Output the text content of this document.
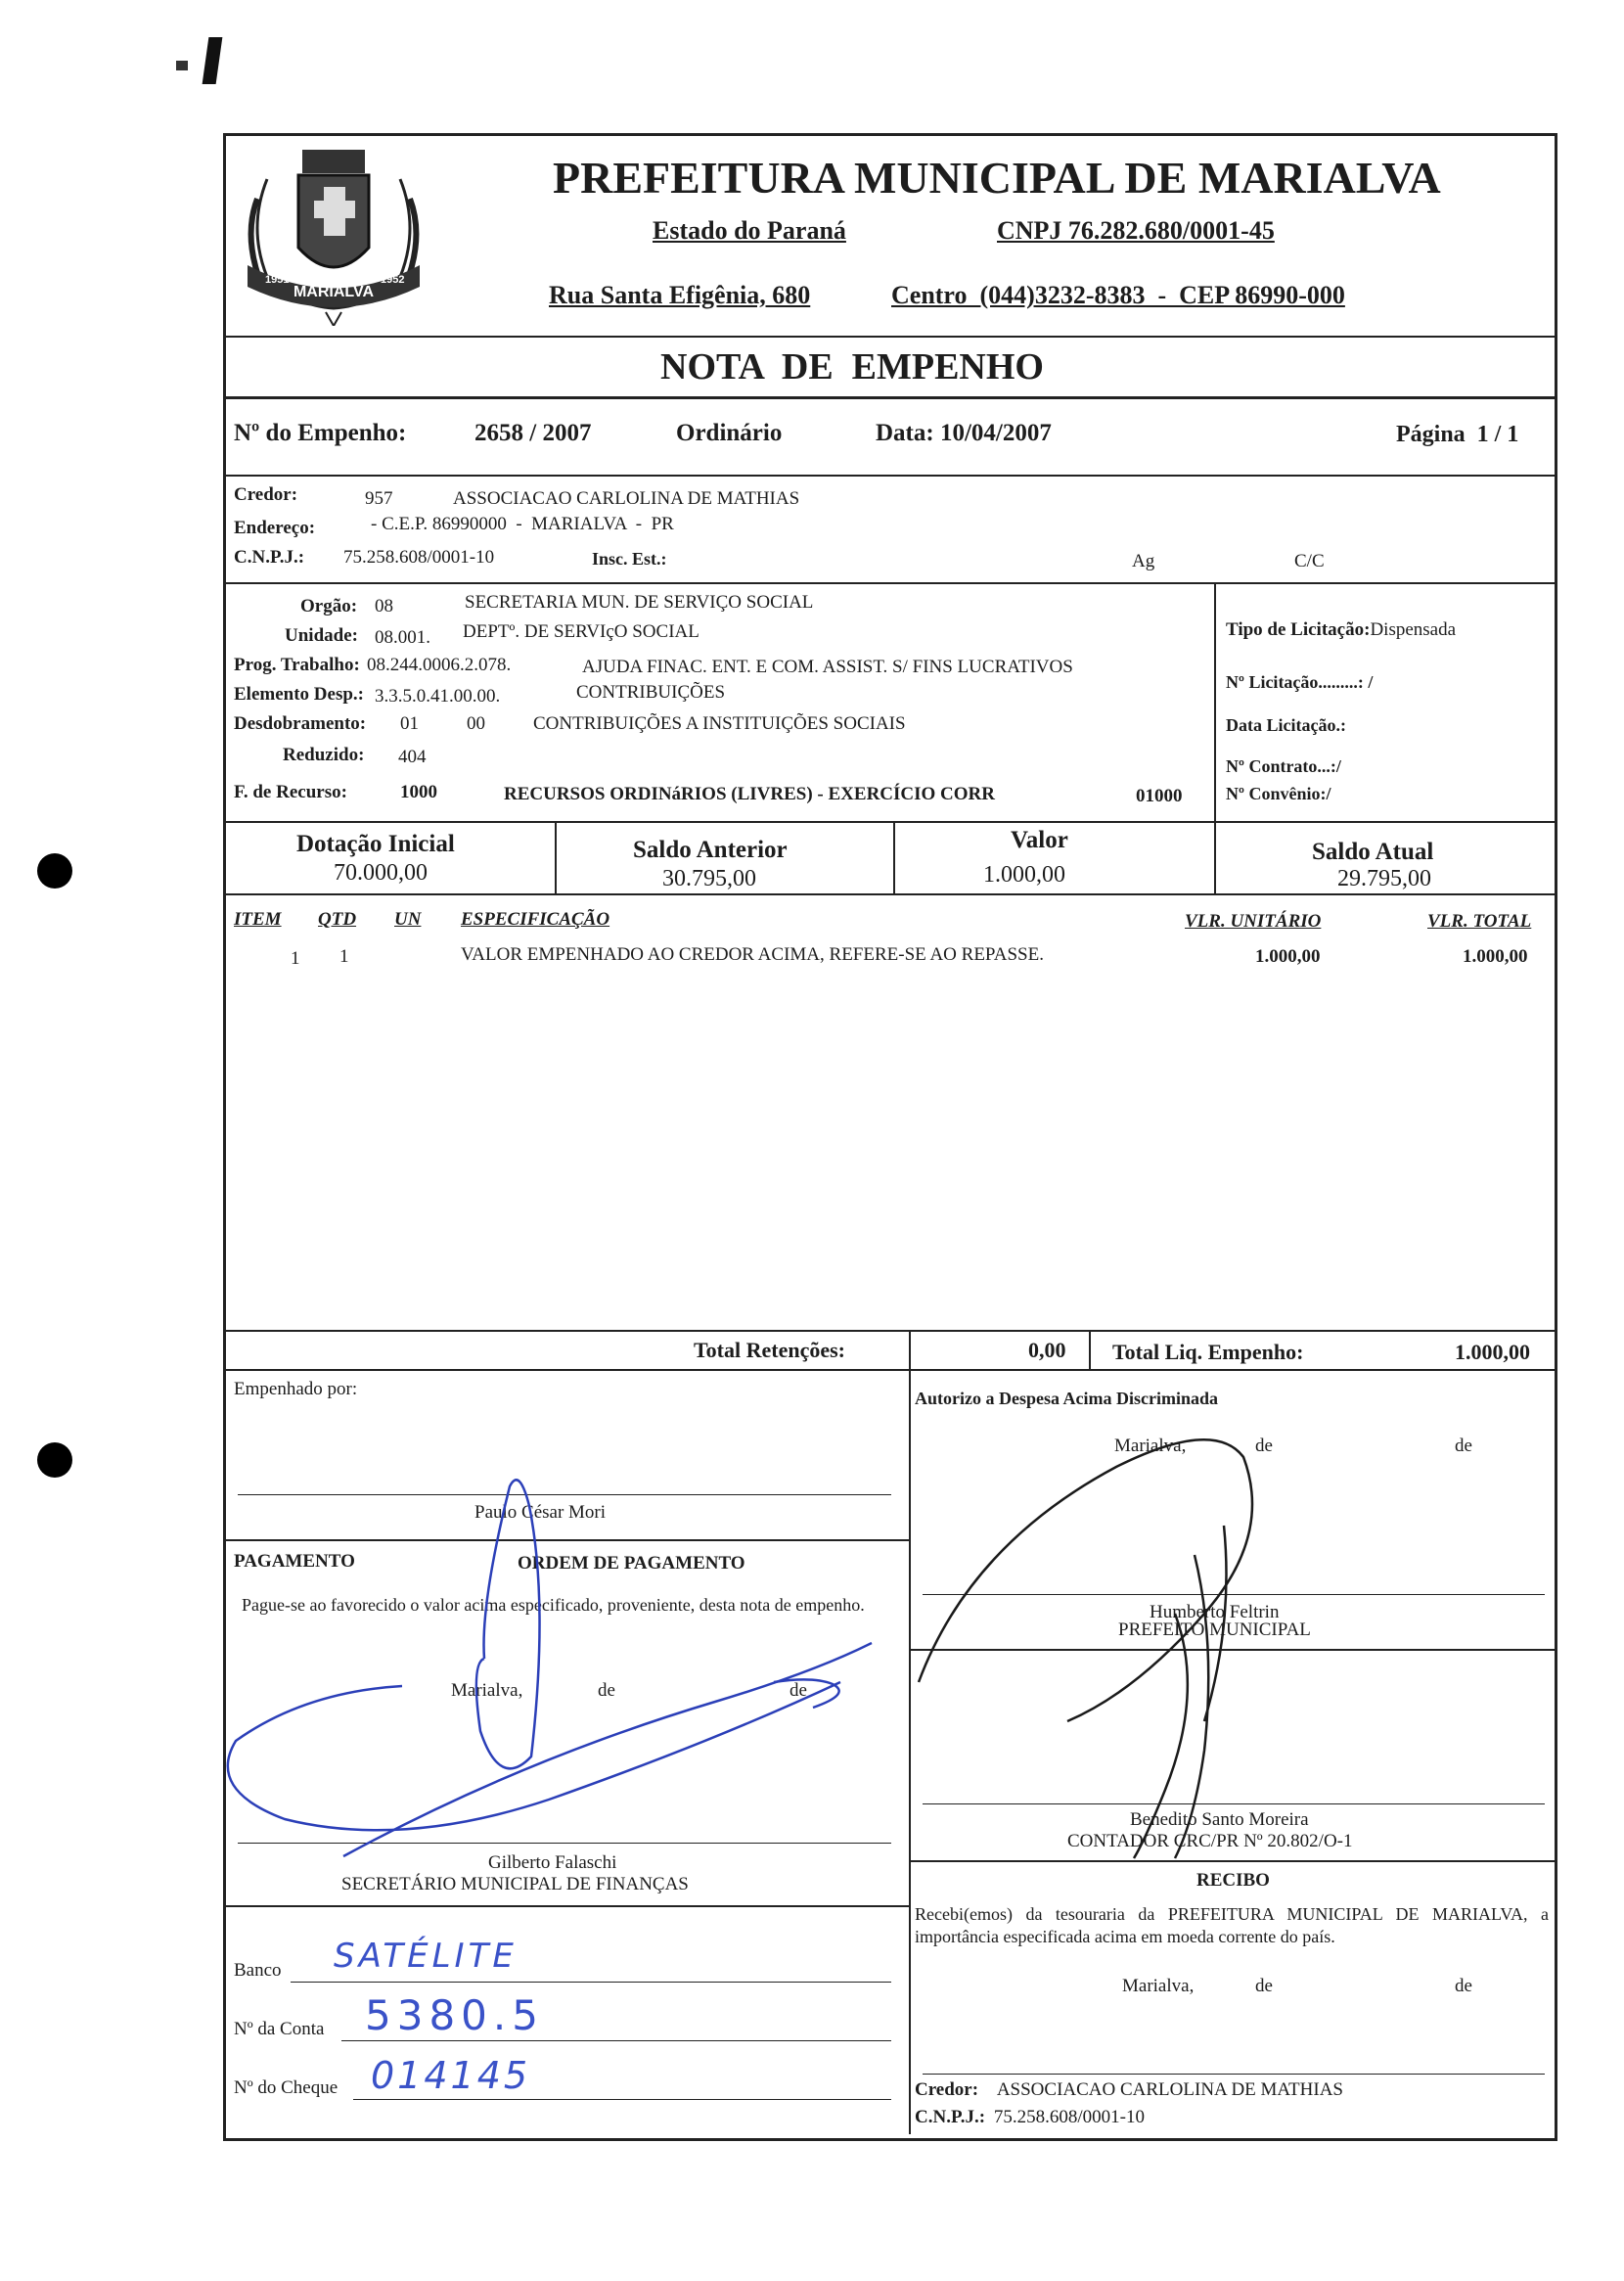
MARIALVA
1951	1952
PREFEITURA MUNICIPAL DE MARIALVA
Estado do Paraná	CNPJ 76.282.680/0001-45
Rua Santa Efigênia, 680	Centro  (044)3232-8383  -  CEP 86990-000
NOTA  DE  EMPENHO
Nº do Empenho:	2658 / 2007	Ordinário	Data: 10/04/2007	Página  1 / 1
Credor:	957	ASSOCIACAO CARLOLINA DE MATHIAS
Endereço:	- C.E.P. 86990000  -  MARIALVA  -  PR
C.N.P.J.: 75.258.608/0001-10	Insc. Est.:	Ag	C/C
Orgão: 08	SECRETARIA MUN. DE SERVIÇO SOCIAL
Unidade: 08.001. DEPTº. DE SERVIçO SOCIAL
Prog. Trabalho: 08.244.0006.2.078.	AJUDA FINAC. ENT. E COM. ASSIST. S/ FINS LUCRATIVOS
Elemento Desp.: 3.3.5.0.41.00.00.	CONTRIBUIÇÕES
Desdobramento: 01	00	CONTRIBUIÇÕES A INSTITUIÇÕES SOCIAIS
Reduzido: 404
F. de Recurso:	1000	RECURSOS ORDINáRIOS (LIVRES) - EXERCÍCIO CORR	01000
Tipo de Licitação:Dispensada
Nº Licitação.........: /
Data Licitação.:
Nº Contrato...:/
Nº Convênio:/
Dotação Inicial
70.000,00
Saldo Anterior
30.795,00
Valor
1.000,00
Saldo Atual
29.795,00
ITEM QTD UN ESPECIFICAÇÃO	VLR. UNITÁRIO	VLR. TOTAL
1 1	VALOR EMPENHADO AO CREDOR ACIMA, REFERE-SE AO REPASSE.	1.000,00	1.000,00
Total Retenções:	0,00 Total Liq. Empenho:	1.000,00
Empenhado por:
Paulo César Mori
PAGAMENTO	ORDEM DE PAGAMENTO
Pague-se ao favorecido o valor acima especificado, proveniente, desta nota de empenho.
Marialva,	de	de
Gilberto Falaschi
SECRETÁRIO MUNICIPAL DE FINANÇAS
Banco SATÉLITE
Nº da Conta 5380.5
Nº do Cheque 014145
Autorizo a Despesa Acima Discriminada
Marialva,	de	de
Humberto Feltrin
PREFEITO MUNICIPAL
Benedito Santo Moreira
CONTADOR CRC/PR Nº 20.802/O-1
RECIBO
Recebi(emos) da tesouraria da PREFEITURA MUNICIPAL DE MARIALVA, a importância especificada acima em moeda corrente do país.
Marialva,	de	de
Credor: ASSOCIACAO CARLOLINA DE MATHIAS
C.N.P.J.: 75.258.608/0001-10
